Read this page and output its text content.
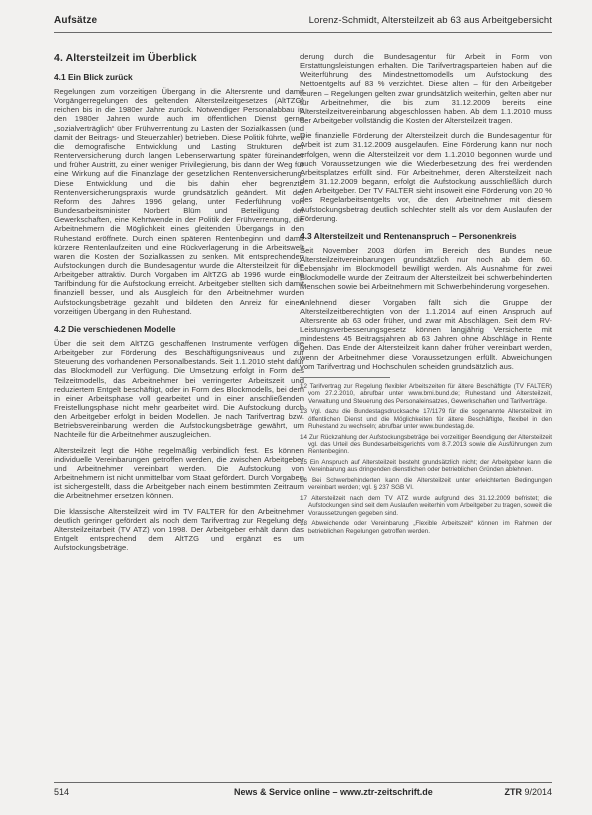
Aufsätze	Lorenz-Schmidt, Altersteilzeit ab 63 aus Arbeitgebersicht
4. Altersteilzeit im Überblick
4.1 Ein Blick zurück

Regelungen zum vorzeitigen Übergang in die Altersrente und damit Vorgängerregelungen des geltenden Altersteilzeitgesetzes (AltTZG) reichen bis in die 1980er Jahre zurück. Notwendiger Personalabbau in den 1980er Jahren wurde auch im öffentlichen Dienst gerne „sozialverträglich“ über Frühverrentung zu Lasten der Sozialkassen (und damit der Beitrags- und Steuerzahler) betrieben. Diese Politik führte, weil die demografische Entwicklung und Lasting Strukturen der Renterversicherung durch langen Lebenserwartung später füreinander und früher Austritt, zu einer weniger Privilegierung, bis dann der Weg für eine Wirkung auf die Finanzlage der gesetzlichen Rentenversicherung. Diese Entwicklung und die bis dahin eher begrenzte Rentenversicherungspraxis wurde grundsätzlich geändert. Mit der Reform des Jahres 1996 gelang, unter Federführung von Bundesarbeitsminister Norbert Blüm und Beteiligung der Gewerkschaften, eine Kehrtwende in der Politik der Frühverrentung, die Arbeitnehmern die Möglichkeit eines gleitenden Übergangs in den Ruhestand eröffnete. Durch einen späteren Rentenbeginn und damit kürzere Rentenlaufzeiten und eine Rückverlagerung in die Arbeitswelt waren die Kosten der Sozialkassen zu senken. Mit entsprechenden Aufstockungen durch die Bundesagentur wurde die Altersteilzeit für die Arbeitgeber attraktiv. Durch Vorgaben im AltTZG ab 1996 wurde eine Tarifbindung für die Aufstockung erreicht. Arbeitgeber stellten sich damit finanziell besser, und als Ausgleich für den Arbeitnehmer wurden Aufstockungsbeträge gezahlt und bildeten den Anreiz für einen vorzeitigen Übergang in den Ruhestand.

4.2 Die verschiedenen Modelle

Über die seit dem AltTZG geschaffenen Instrumente verfügen die Arbeitgeber zur Förderung des Beschäftigungsniveaus und zur Steuerung des vorhandenen Personalbestands. Seit 1.1.2010 steht dafür das Blockmodell zur Verfügung. Die Umsetzung erfolgt in Form des Teilzeitmodells, das Arbeitnehmer bei verringerter Arbeitszeit und reduziertem Entgelt beschäftigt, oder in Form des Blockmodells, bei dem in einer Arbeitsphase voll gearbeitet und in einer anschließenden Freistellungsphase nicht mehr gearbeitet wird. Die Aufstockung durch den Arbeitgeber erfolgt in beiden Modellen. Je nach Tarifvertrag bzw. Betriebsvereinbarung werden die Aufstockungsbeträge gewährt, um Nachteile für die Arbeitnehmer auszugleichen.

Altersteilzeit legt die Höhe regelmäßig verbindlich fest. Es können individuelle Vereinbarungen getroffen werden, die zwischen Arbeitgeber und Arbeitnehmer vereinbart werden. Die Aufstockung von Arbeitnehmern ist nicht unmittelbar vom Staat gefördert. Durch Vorgaben ist sichergestellt, dass die Arbeitgeber nach einem bestimmten Zeitraum die Arbeitnehmer ersetzen können.

Die klassische Altersteilzeit wird im TV FALTER für den Arbeitnehmer deutlich geringer gefördert als noch dem Tarifvertrag zur Regelung der Altersteilzeitarbeit (TV ATZ) von 1998. Der Arbeitgeber erhält dann das Entgelt entsprechend dem AltTZG und ergänzt es um Aufstockungsbeträge.

derung durch die Bundesagentur für Arbeit in Form von Erstattungsleistungen erhalten. Die Tarifvertragsparteien haben auf die Weiterführung des Mindestnettomodells um Aufstockung des Nettoentgelts auf 83 % verzichtet. Diese alten – für den Arbeitgeber teuren – Regelungen gelten zwar grundsätzlich weiterhin, gelten aber nur für Arbeitnehmer, die bis zum 31.12.2009 bereits eine Altersteilzeitvereinbarung abgeschlossen haben. Ab dem 1.1.2010 muss der Arbeitgeber vollständig die Kosten der Altersteilzeit tragen.

Die finanzielle Förderung der Altersteilzeit durch die Bundesagentur für Arbeit ist zum 31.12.2009 ausgelaufen. Eine Förderung kann nur noch erfolgen, wenn die Altersteilzeit vor dem 1.1.2010 begonnen wurde und auch Voraussetzungen wie die Wiederbesetzung des frei werdenden Arbeitsplatzes erfüllt sind. Für Arbeitnehmer, deren Altersteilzeit nach dem 31.12.2009 begann, erfolgt die Aufstockung ausschließlich durch den Arbeitgeber. Der TV FALTER sieht insoweit eine Förderung von 20 % des Regelarbeitsentgelts vor, die den Arbeitnehmer mit diesem Aufstockungsbetrag deutlich schlechter stellt als vor dem Auslaufen der Förderung.

4.3 Altersteilzeit und Rentenanspruch – Personenkreis

Seit November 2003 dürfen im Bereich des Bundes neue Altersteilzeitvereinbarungen grundsätzlich nur noch ab dem 60. Lebensjahr im Blockmodell bewilligt werden. Als Ausnahme für zwei Blockmodelle wurde der Zeitraum der Altersteilzeit bei schwerbehinderten Menschen sowie bei Arbeitnehmern mit Schwerbehinderung vorgesehen.

Anlehnend dieser Vorgaben fällt sich die Gruppe der Altersteilzeitberechtigten von der 1.1.2014 auf einen Anspruch auf Altersrente ab 63 oder früher, und zwar mit Abschlägen. Seit dem RV-Leistungsverbesserungsgesetz können langjährig Versicherte mit mindestens 45 Beitragsjahren ab 63 Jahren ohne Abschläge in Rente gehen. Das Ende der Altersteilzeit kann daher früher vereinbart werden, wenn der Arbeitnehmer diese Voraussetzungen erfüllt. Abweichungen vom Tarifvertrag und Hochschulen scheiden grundsätzlich aus.

12 Tarifvertrag zur Regelung flexibler Arbeitszeiten für ältere Beschäftigte (TV FALTER) vom 27.2.2010, abrufbar unter www.bmi.bund.de; Ruhestand und Altersteilzeit, Verwaltung und Steuerung des Personaleinsatzes, Gewerkschaften und Tarifverträge.

13 Vgl. dazu die Bundestagsdrucksache 17/1179 für die sogenannte Altersteilzeit im öffentlichen Dienst und die Möglichkeiten für ältere Beschäftigte, flexibel in den Ruhestand zu wechseln; abrufbar unter www.bundestag.de.

14 Zur Rückzahlung der Aufstockungsbeträge bei vorzeitiger Beendigung der Altersteilzeit vgl. das Urteil des Bundesarbeitsgerichts vom 8.7.2013 sowie die Ausführungen zum Rentenbeginn.

15 Ein Anspruch auf Altersteilzeit besteht grundsätzlich nicht; der Arbeitgeber kann die Vereinbarung aus dringenden dienstlichen oder betrieblichen Gründen ablehnen.

16 Bei Schwerbehinderten kann die Altersteilzeit unter erleichterten Bedingungen vereinbart werden; vgl. § 237 SGB VI.

17 Altersteilzeit nach dem TV ATZ wurde aufgrund des 31.12.2009 befristet; die Aufstockungen sind seit dem Auslaufen weiterhin vom Arbeitgeber zu tragen, soweit die Voraussetzungen gegeben sind.

18 Abweichende oder Vereinbarung „Flexible Arbeitszeit“ können im Rahmen der betrieblichen Regelungen getroffen werden.

514	News & Service online – www.ztr-zeitschrift.de	ZTR 9/2014
